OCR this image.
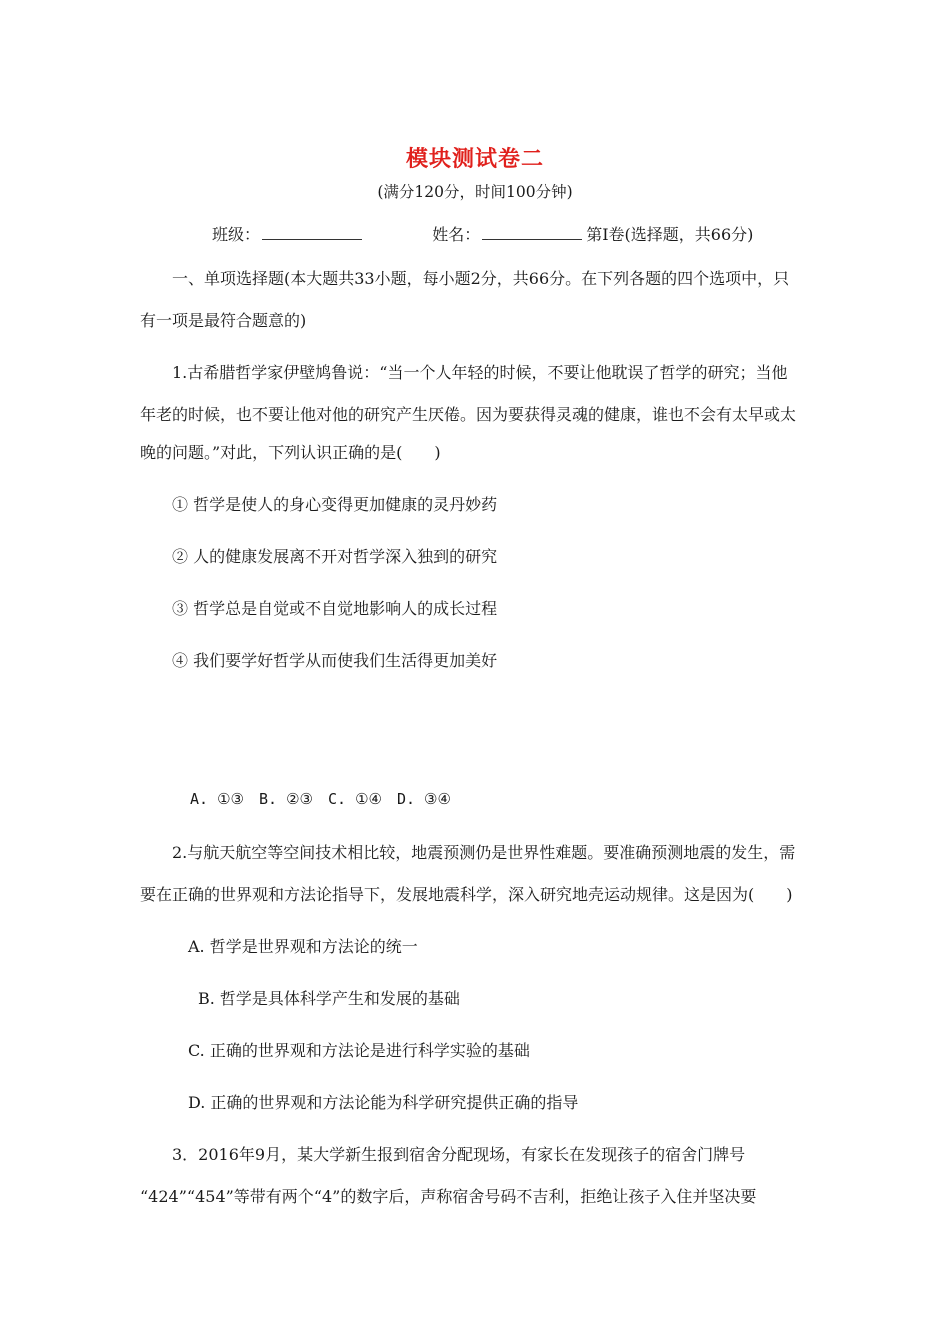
模块测试卷二
(满分120分，时间100分钟)
班级：	姓名：	第Ⅰ卷(选择题，共66分)
一、单项选择题(本大题共33小题，每小题2分，共66分。在下列各题的四个选项中，只
有一项是最符合题意的)
1.古希腊哲学家伊壁鸠鲁说：“当一个人年轻的时候，不要让他耽误了哲学的研究；当他
年老的时候，也不要让他对他的研究产生厌倦。因为要获得灵魂的健康，谁也不会有太早或太
晚的问题。”对此，下列认识正确的是(　　)
① 哲学是使人的身心变得更加健康的灵丹妙药
② 人的健康发展离不开对哲学深入独到的研究
③ 哲学总是自觉或不自觉地影响人的成长过程
④ 我们要学好哲学从而使我们生活得更加美好
A. ①③　B. ②③　C. ①④　D. ③④
2.与航天航空等空间技术相比较，地震预测仍是世界性难题。要准确预测地震的发生，需
要在正确的世界观和方法论指导下，发展地震科学，深入研究地壳运动规律。这是因为(　　)
A. 哲学是世界观和方法论的统一
B. 哲学是具体科学产生和发展的基础
C. 正确的世界观和方法论是进行科学实验的基础
D. 正确的世界观和方法论能为科学研究提供正确的指导
3．2016年9月，某大学新生报到宿舍分配现场，有家长在发现孩子的宿舍门牌号
“424”“454”等带有两个“4”的数字后，声称宿舍号码不吉利，拒绝让孩子入住并坚决要
